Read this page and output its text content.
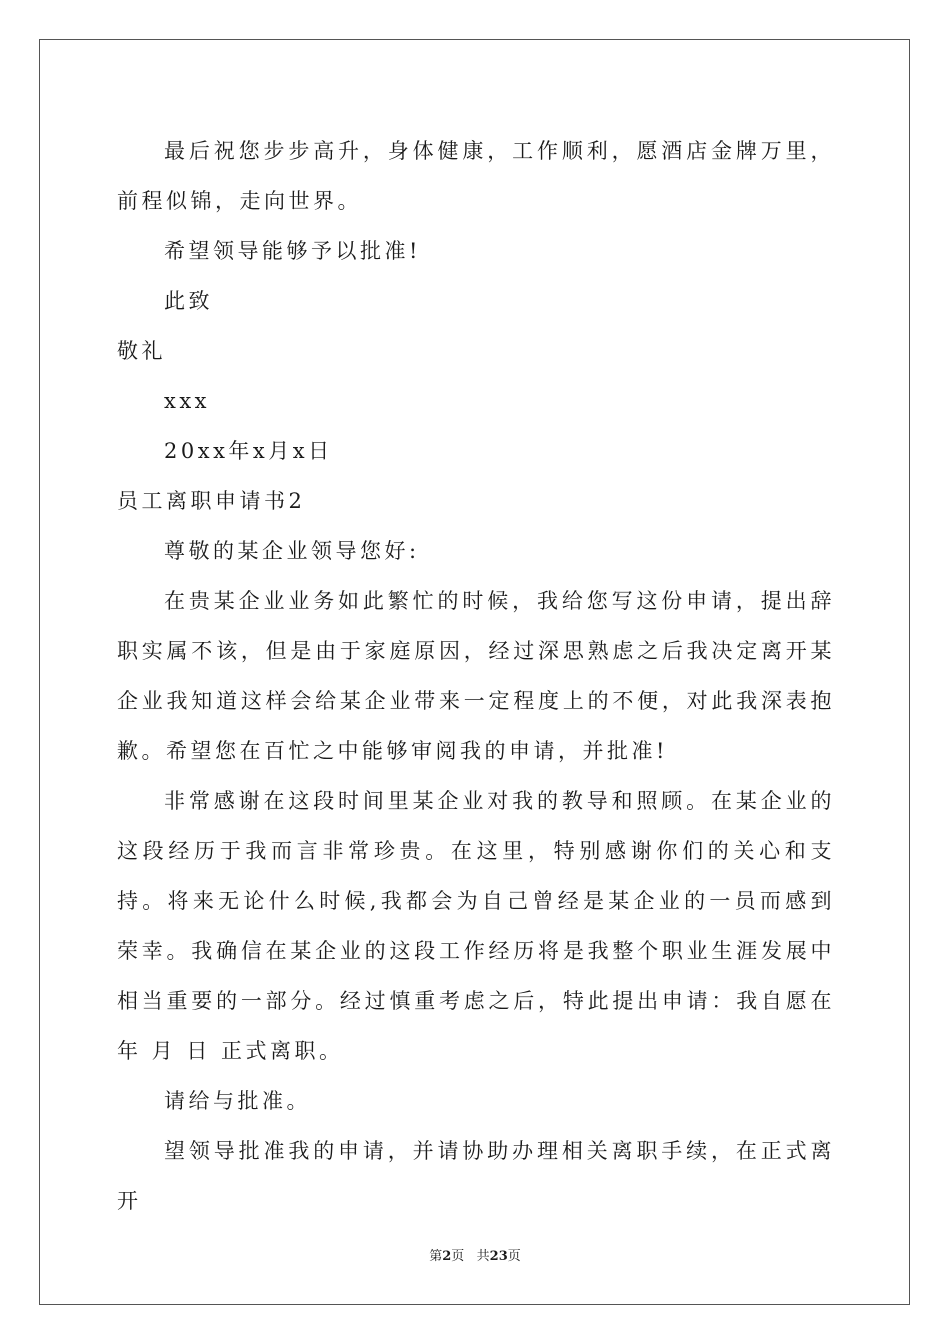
最后祝您步步高升，身体健康，工作顺利，愿酒店金牌万里，前程似锦，走向世界。

希望领导能够予以批准!

此致

敬礼

xxx

20xx年x月x日

员工离职申请书2

尊敬的某企业领导您好:

在贵某企业业务如此繁忙的时候，我给您写这份申请，提出辞职实属不该，但是由于家庭原因，经过深思熟虑之后我决定离开某企业我知道这样会给某企业带来一定程度上的不便，对此我深表抱歉。希望您在百忙之中能够审阅我的申请，并批准!

非常感谢在这段时间里某企业对我的教导和照顾。在某企业的这段经历于我而言非常珍贵。在这里，特别感谢你们的关心和支持。将来无论什么时候,我都会为自己曾经是某企业的一员而感到荣幸。我确信在某企业的这段工作经历将是我整个职业生涯发展中相当重要的一部分。经过慎重考虑之后，特此提出申请：我自愿在 年 月 日 正式离职。

请给与批准。

望领导批准我的申请，并请协助办理相关离职手续，在正式离开

第2页   共23页
